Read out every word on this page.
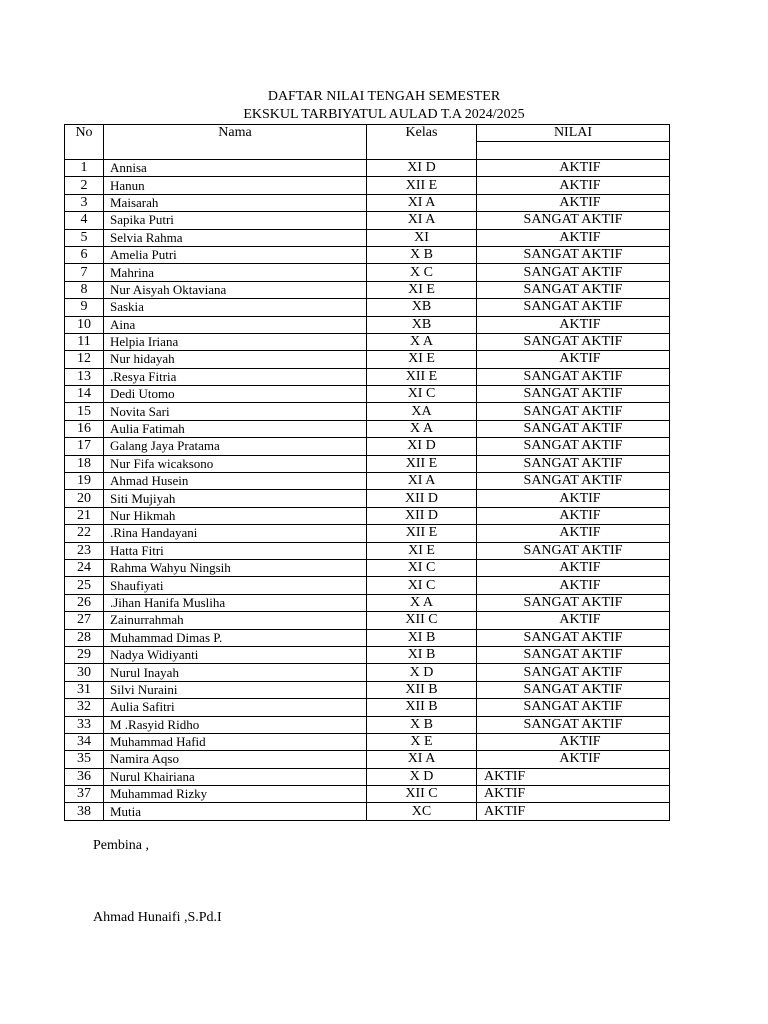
DAFTAR NILAI TENGAH SEMESTER
EKSKUL TARBIYATUL AULAD T.A 2024/2025
No	Nama	Kelas	NILAI

1	Annisa	XI D	AKTIF
2	Hanun	XII E	AKTIF
3	Maisarah	XI A	AKTIF
4	Sapika Putri	XI A	SANGAT AKTIF
5	Selvia Rahma	XI	AKTIF
6	Amelia Putri	X B	SANGAT AKTIF
7	Mahrina	X C	SANGAT AKTIF
8	Nur Aisyah Oktaviana	XI E	SANGAT AKTIF
9	Saskia	XB	SANGAT AKTIF
10	Aina	XB	AKTIF
11	Helpia Iriana	X A	SANGAT AKTIF
12	Nur hidayah	XI E	AKTIF
13	.Resya Fitria	XII E	SANGAT AKTIF
14	Dedi Utomo	XI C	SANGAT AKTIF
15	Novita Sari	XA	SANGAT AKTIF
16	Aulia Fatimah	X A	SANGAT AKTIF
17	Galang Jaya Pratama	XI D	SANGAT AKTIF
18	Nur Fifa wicaksono	XII E	SANGAT AKTIF
19	Ahmad Husein	XI A	SANGAT AKTIF
20	Siti Mujiyah	XII D	AKTIF
21	Nur Hikmah	XII D	AKTIF
22	.Rina Handayani	XII E	AKTIF
23	Hatta Fitri	XI E	SANGAT AKTIF
24	Rahma Wahyu Ningsih	XI C	AKTIF
25	Shaufiyati	XI C	AKTIF
26	.Jihan Hanifa Musliha	X A	SANGAT AKTIF
27	Zainurrahmah	XII C	AKTIF
28	Muhammad Dimas P.	XI B	SANGAT AKTIF
29	Nadya Widiyanti	XI B	SANGAT AKTIF
30	Nurul Inayah	X D	SANGAT AKTIF
31	Silvi Nuraini	XII B	SANGAT AKTIF
32	Aulia Safitri	XII B	SANGAT AKTIF
33	M .Rasyid Ridho	X B	SANGAT AKTIF
34	Muhammad Hafid	X E	AKTIF
35	Namira Aqso	XI A	AKTIF
36	Nurul Khairiana	X D	AKTIF
37	Muhammad Rizky	XII C	AKTIF
38	Mutia	XC	AKTIF
Pembina ,
Ahmad Hunaifi ,S.Pd.I
